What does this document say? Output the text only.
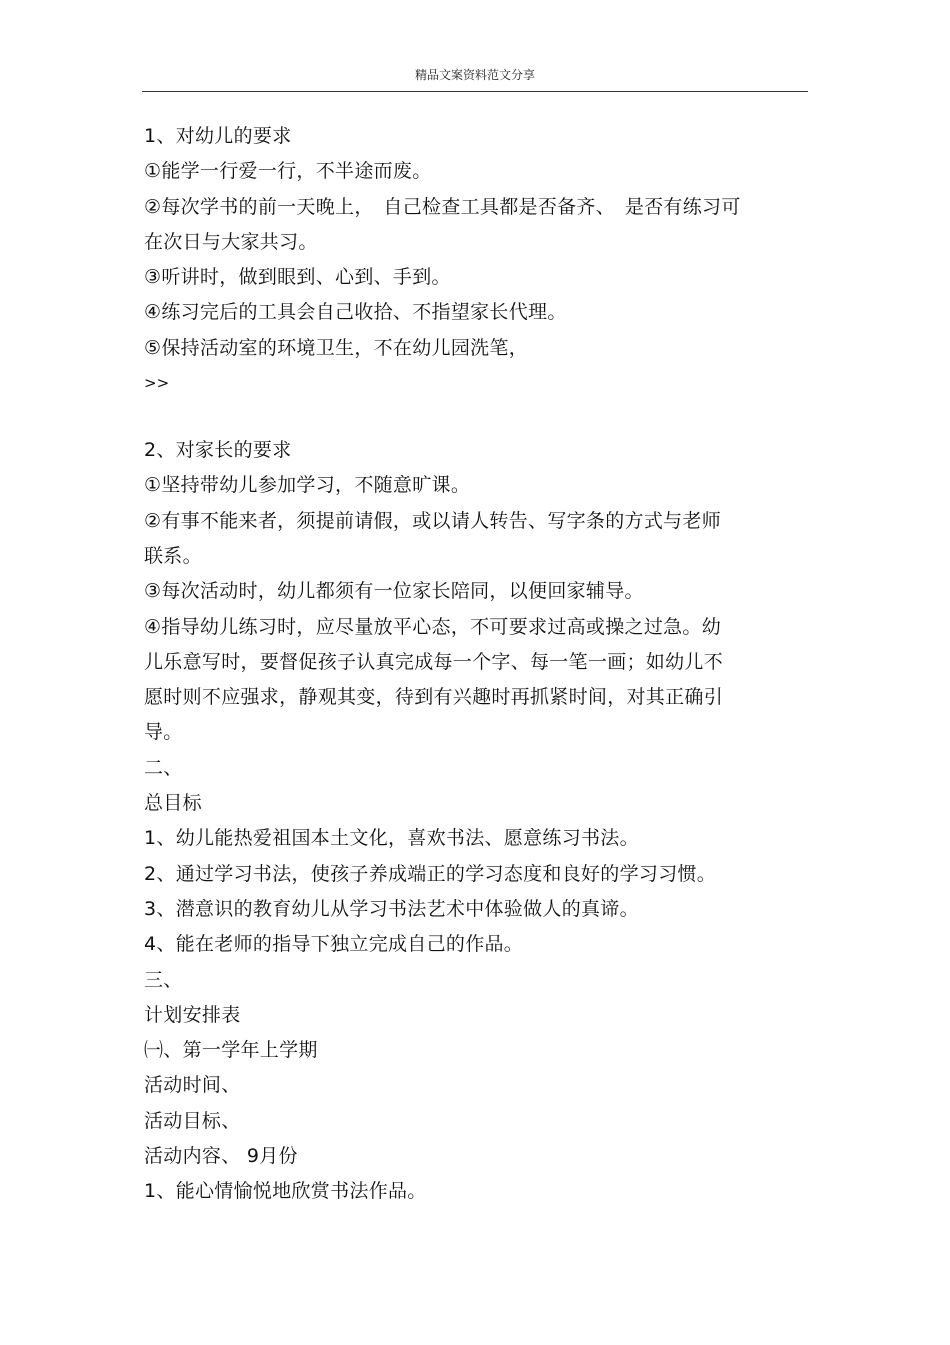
精品文案资料范文分享
1、对幼儿的要求
①能学一行爱一行，不半途而废。
②每次学书的前一天晚上，　自己检查工具都是否备齐、　是否有练习可
在次日与大家共习。
③听讲时，做到眼到、心到、手到。
④练习完后的工具会自己收拾、不指望家长代理。
⑤保持活动室的环境卫生，不在幼儿园洗笔，
>>
2、对家长的要求
①坚持带幼儿参加学习，不随意旷课。
②有事不能来者，须提前请假，或以请人转告、写字条的方式与老师
联系。
③每次活动时，幼儿都须有一位家长陪同，以便回家辅导。
④指导幼儿练习时，应尽量放平心态，不可要求过高或操之过急。幼
儿乐意写时，要督促孩子认真完成每一个字、每一笔一画；如幼儿不
愿时则不应强求，静观其变，待到有兴趣时再抓紧时间，对其正确引
导。
二、
总目标
1、幼儿能热爱祖国本土文化，喜欢书法、愿意练习书法。
2、通过学习书法，使孩子养成端正的学习态度和良好的学习习惯。
3、潜意识的教育幼儿从学习书法艺术中体验做人的真谛。
4、能在老师的指导下独立完成自己的作品。
三、
计划安排表
㈠、第一学年上学期
活动时间、
活动目标、
活动内容、 9月份
1、能心情愉悦地欣赏书法作品。
